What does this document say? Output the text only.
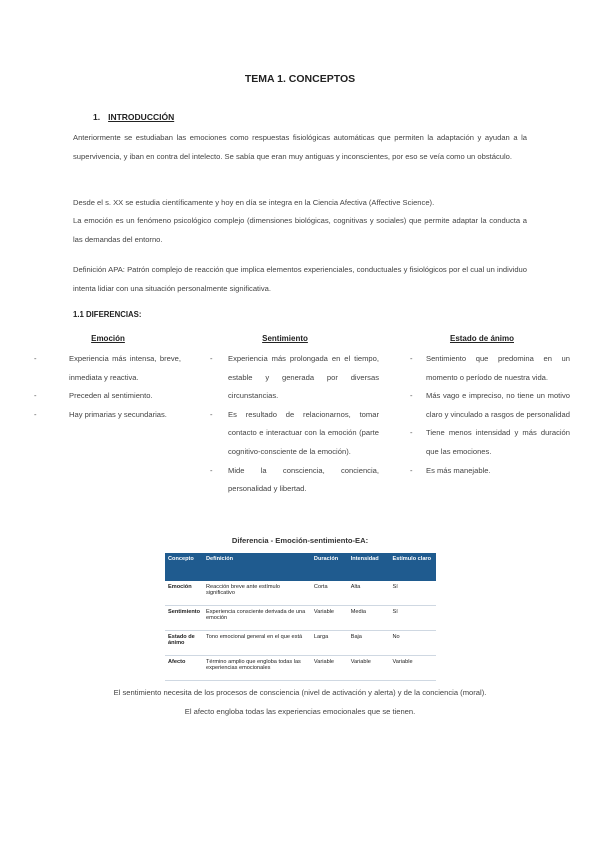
TEMA 1. CONCEPTOS
1. INTRODUCCIÓN
Anteriormente se estudiaban las emociones como respuestas fisiológicas automáticas que permiten la adaptación y ayudan a la supervivencia, y iban en contra del intelecto. Se sabía que eran muy antiguas y inconscientes, por eso se veía como un obstáculo.
Desde el s. XX se estudia científicamente y hoy en día se integra en la Ciencia Afectiva (Affective Science).
La emoción es un fenómeno psicológico complejo (dimensiones biológicas, cognitivas y sociales) que permite adaptar la conducta a las demandas del entorno.
Definición APA: Patrón complejo de reacción que implica elementos experienciales, conductuales y fisiológicos por el cual un individuo intenta lidiar con una situación personalmente significativa.
1.1 DIFERENCIAS:
Emoción
-	Experiencia más intensa, breve, inmediata y reactiva.
-	Preceden al sentimiento.
-	Hay primarias y secundarias.
Sentimiento
- Experiencia más prolongada en el tiempo, estable y generada por diversas circunstancias.
- Es resultado de relacionarnos, tomar contacto e interactuar con la emoción (parte cognitivo-consciente de la emoción).
- Mide la consciencia, conciencia, personalidad y libertad.
Estado de ánimo
- Sentimiento que predomina en un momento o período de nuestra vida.
- Más vago e impreciso, no tiene un motivo claro y vinculado a rasgos de personalidad
- Tiene menos intensidad y más duración que las emociones.
- Es más manejable.
Diferencia - Emoción-sentimiento-EA:
Concepto	Definición	Duración	Intensidad	Estímulo claro
Emoción	Reacción breve ante estímulo significativo	Corta	Alta	Sí
Sentimiento	Experiencia consciente derivada de una emoción	Variable	Media	Sí
Estado de ánimo	Tono emocional general en el que está	Larga	Baja	No
Afecto	Término amplio que engloba todas las experiencias emocionales	Variable	Variable	Variable
El sentimiento necesita de los procesos de consciencia (nivel de activación y alerta) y de la conciencia (moral).
El afecto engloba todas las experiencias emocionales que se tienen.
